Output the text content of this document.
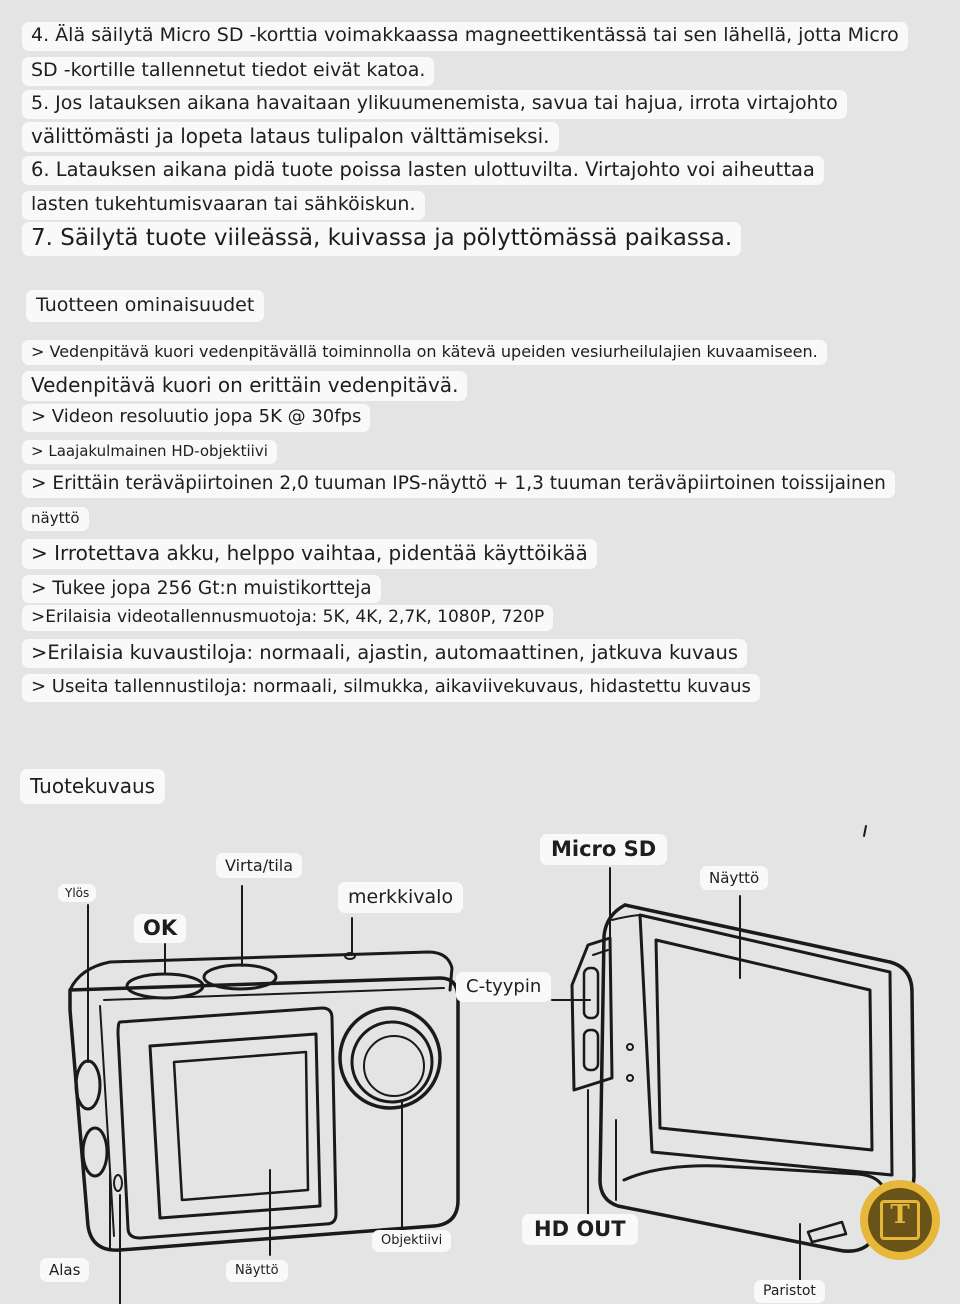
4. Älä säilytä Micro SD -korttia voimakkaassa magneettikentässä tai sen lähellä, jotta Micro
SD -kortille tallennetut tiedot eivät katoa.
5. Jos latauksen aikana havaitaan ylikuumenemista, savua tai hajua, irrota virtajohto
välittömästi ja lopeta lataus tulipalon välttämiseksi.
6. Latauksen aikana pidä tuote poissa lasten ulottuvilta. Virtajohto voi aiheuttaa
lasten tukehtumisvaaran tai sähköiskun.
7. Säilytä tuote viileässä, kuivassa ja pölyttömässä paikassa.
Tuotteen ominaisuudet
> Vedenpitävä kuori vedenpitävällä toiminnolla on kätevä upeiden vesiurheilulajien kuvaamiseen.
Vedenpitävä kuori on erittäin vedenpitävä.
> Videon resoluutio jopa 5K @ 30fps
> Laajakulmainen HD-objektiivi
> Erittäin teräväpiirtoinen 2,0 tuuman IPS-näyttö + 1,3 tuuman teräväpiirtoinen toissijainen
näyttö
> Irrotettava akku, helppo vaihtaa, pidentää käyttöikää
> Tukee jopa 256 Gt:n muistikortteja
>Erilaisia videotallennusmuotoja: 5K, 4K, 2,7K, 1080P, 720P
>Erilaisia kuvaustiloja: normaali, ajastin, automaattinen, jatkuva kuvaus
> Useita tallennustiloja: normaali, silmukka, aikaviivekuvaus, hidastettu kuvaus
Tuotekuvaus
Ylös
OK
Virta/tila
merkkivalo
Alas	Näyttö
Objektiivi
Micro SD
Näyttö
C-tyypin
HD OUT
Paristot
T
